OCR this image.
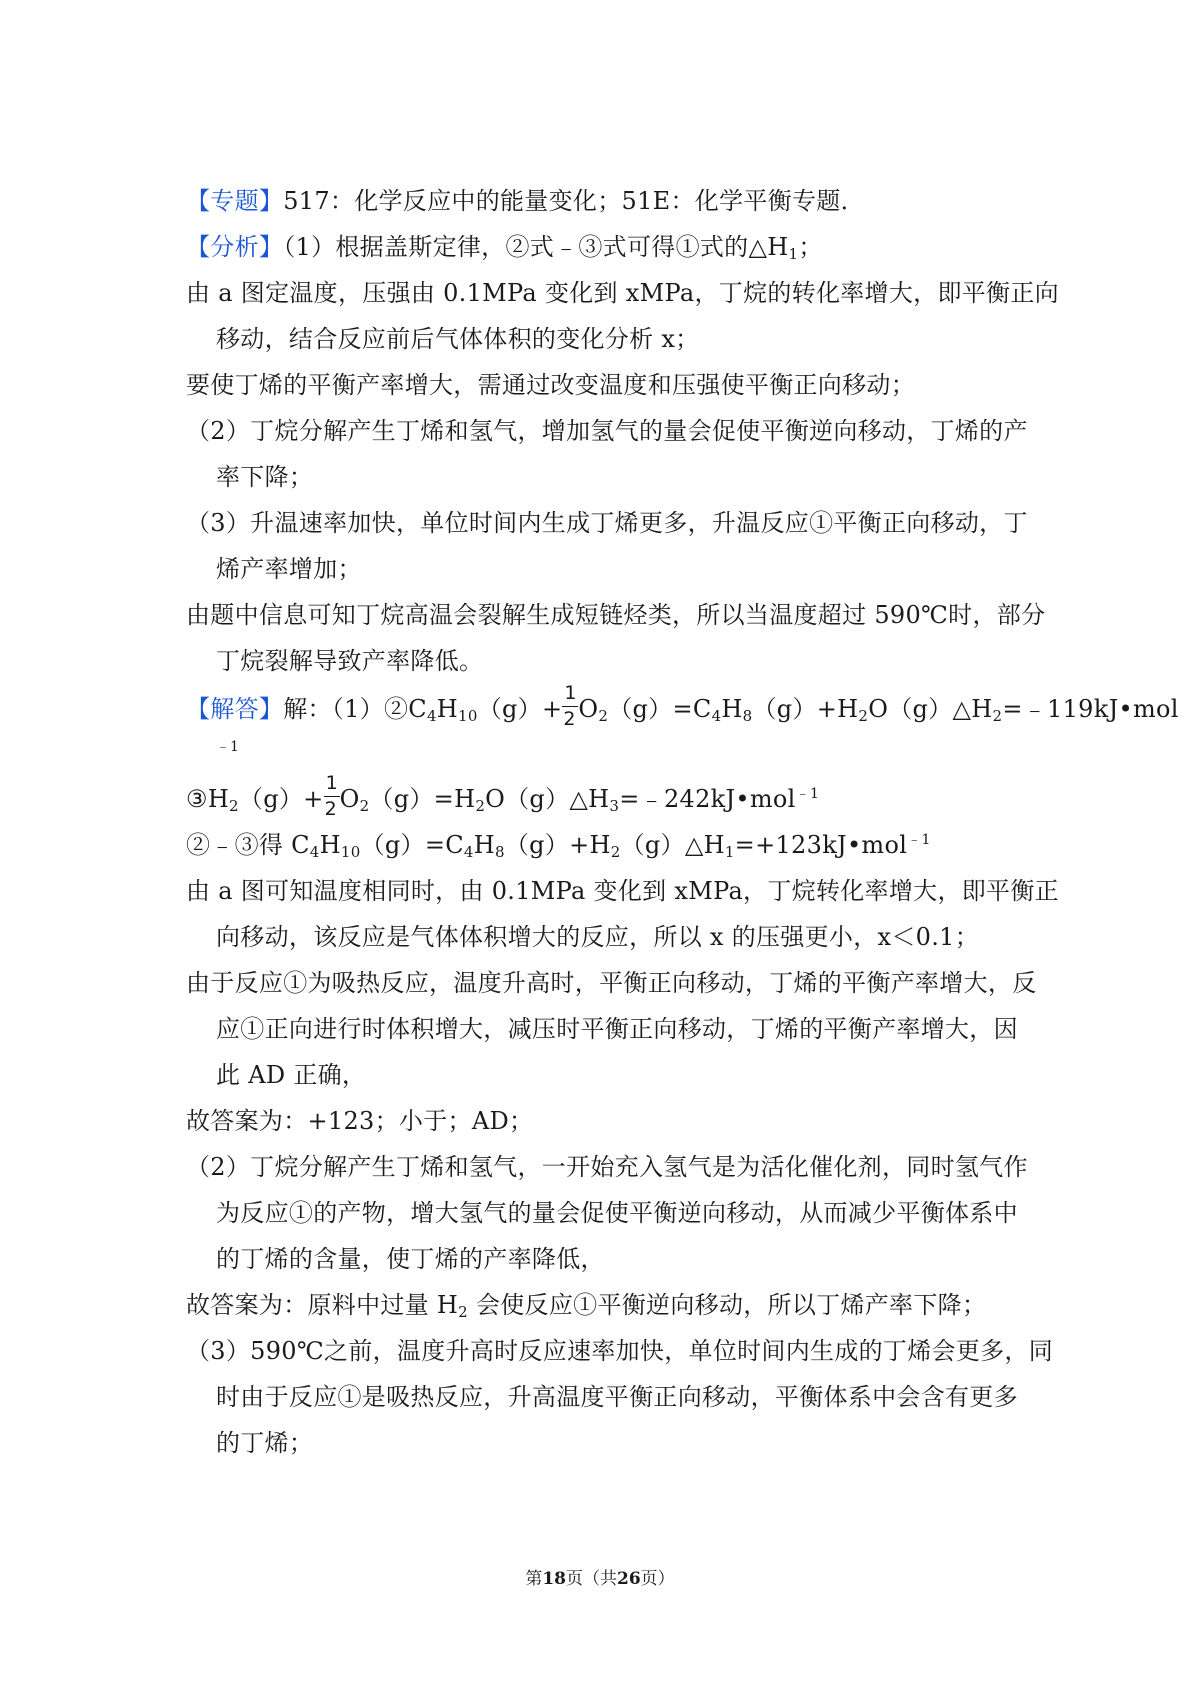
【专题】517：化学反应中的能量变化；51E：化学平衡专题．
【分析】（1）根据盖斯定律，②式﹣③式可得①式的$\triangle H_1$；
由 a 图定温度，压强由 0.1MPa 变化到 xMPa，丁烷的转化率增大，即平衡正向
移动，结合反应前后气体体积的变化分析 x；
要使丁烯的平衡产率增大，需通过改变温度和压强使平衡正向移动；
（2）丁烷分解产生丁烯和氢气，增加氢气的量会促使平衡逆向移动，丁烯的产
率下降；
（3）升温速率加快，单位时间内生成丁烯更多，升温反应①平衡正向移动，丁
烯产率增加；
由题中信息可知丁烷高温会裂解生成短链烃类，所以当温度超过 590℃时，部分
丁烷裂解导致产率降低。
【解答】解：$(1)②C_4H_{10}(g)+ \frac{1}{2}$ $O_2(g)=C_4H_8(g)+H_2O(g)\triangle H_2=﹣119kJ•mol$
﹣1
$③H_2(g)+ \frac{1}{2}$ $O_2(g)=H_2O(g)\triangle H_3=﹣242kJ•mol^{﹣1}$
②﹣③得 $C_4H_{10}(g)=C_4H_8(g)+H_2(g)\triangle H_1=+123kJ•mol^{﹣1}$
由 a 图可知温度相同时，由 0.1MPa 变化到 xMPa，丁烷转化率增大，即平衡正
向移动，该反应是气体体积增大的反应，所以 x 的压强更小，x＜0.1；
由于反应①为吸热反应，温度升高时，平衡正向移动，丁烯的平衡产率增大，反
应①正向进行时体积增大，减压时平衡正向移动，丁烯的平衡产率增大，因
此 AD 正确，
故答案为：+123；小于；AD；
（2）丁烷分解产生丁烯和氢气，一开始充入氢气是为活化催化剂，同时氢气作
为反应①的产物，增大氢气的量会促使平衡逆向移动，从而减少平衡体系中
的丁烯的含量，使丁烯的产率降低，
故答案为：原料中过量 $H_2$ 会使反应①平衡逆向移动，所以丁烯产率下降；
（3）590℃之前，温度升高时反应速率加快，单位时间内生成的丁烯会更多，同
时由于反应①是吸热反应，升高温度平衡正向移动，平衡体系中会含有更多
的丁烯；
第18页（共26页）
